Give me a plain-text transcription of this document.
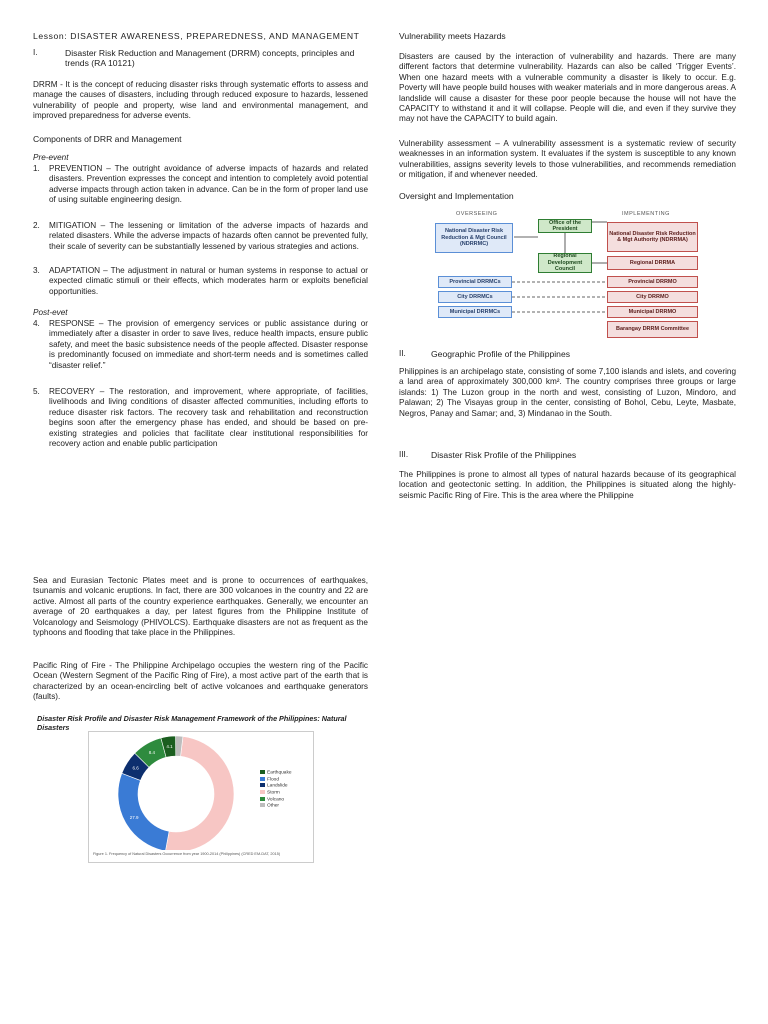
Lesson: DISASTER AWARENESS, PREPAREDNESS, AND MANAGEMENT
I.	Disaster Risk Reduction and Management (DRRM) concepts, principles and trends (RA 10121)

DRRM - It is the concept of reducing disaster risks through systematic efforts to assess and manage the causes of disasters, including through reduced exposure to hazards, lessened vulnerability of people and property, wise land and environmental management, and improved preparedness for adverse events.

Components of DRR and Management
Pre-event
1.	PREVENTION – The outright avoidance of adverse impacts of hazards and related disasters. Prevention expresses the concept and intention to completely avoid potential adverse impacts through action taken in advance. Can be in the form of proper land use of using suitable engineering design.

2.	MITIGATION – The lessening or limitation of the adverse impacts of hazards and related disasters. While the adverse impacts of hazards often cannot be prevented fully, their scale of severity can be substantially lessened by various strategies and actions.

3.	ADAPTATION – The adjustment in natural or human systems in response to actual or expected climatic stimuli or their effects, which moderates harm or exploits beneficial opportunities.

Post-evet
4.	RESPONSE – The provision of emergency services or public assistance during or immediately after a disaster in order to save lives, reduce health impacts, ensure public safety, and meet the basic subsistence needs of the people affected. Disaster response is predominantly focused on immediate and short-term needs and is sometimes called “disaster relief.”

5.	RECOVERY – The restoration, and improvement, where appropriate, of facilities, livelihoods and living conditions of disaster affected communities, including efforts to reduce disaster risk factors. The recovery task and rehabilitation and reconstruction begins soon after the emergency phase has ended, and should be based on pre-existing strategies and policies that facilitate clear institutional responsibilities for recovery action and enable public participation

Sea and Eurasian Tectonic Plates meet and is prone to occurrences of earthquakes, tsunamis and volcanic eruptions. In fact, there are 300 volcanoes in the country and 22 are active. Almost all parts of the country experience earthquakes. Generally, we encounter an average of 20 earthquakes a day, per latest figures from the Philippine Institute of Volcanology and Seismology (PHIVOLCS). Earthquake disasters are not as frequent as the typhoons and flooding that take place in the Philippines.

Pacific Ring of Fire - The Philippine Archipelago occupies the western ring of the Pacific Ocean (Western Segment of the Pacific Ring of Fire), a most active part of the earth that is characterized by an ocean-encircling belt of active volcanoes and earthquake generators (faults).

Disaster Risk Profile and Disaster Risk Management Framework of the Philippines: Natural Disasters
27.9
6.6
8.4
4.1
Earthquake
Flood
Landslide
Storm
Volcano
Other
Figure 1. Frequency of Natural Disasters Occurrence from year 1900-2014 (Philippines) (CRED EM-DAT, 2015)
Vulnerability meets Hazards

Disasters are caused by the interaction of vulnerability and hazards. There are many different factors that determine vulnerability. Hazards can also be called ‘Trigger Events’. When one hazard meets with a vulnerable community a disaster is likely to occur. E.g. Poverty will have people build houses with weaker materials and in more dangerous areas. A landslide will cause a disaster for these poor people because the house will not have the CAPACITY to withstand it and it will collapse. People will die, and even if they survive they may not have the CAPACITY to build again.

Vulnerability assessment – A vulnerability assessment is a systematic review of security weaknesses in an information system. It evaluates if the system is susceptible to any known vulnerabilities, assigns severity levels to those vulnerabilities, and recommends remediation or mitigation, if and whenever needed.

Oversight and Implementation
OVERSEEING	IMPLEMENTING
National Disaster Risk Reduction & Mgt Council (NDRRMC)
Office of the President
National Disaster Risk Reduction & Mgt Authority (NDRRMA)
Regional Development Council
Regional DRRMA
Provincial DRRMCs
City DRRMCs
Municipal DRRMCs
Provincial DRRMO
City DRRMO
Municipal DRRMO
Barangay DRRM Committee
II.	Geographic Profile of the Philippines

Philippines is an archipelago state, consisting of some 7,100 islands and islets, and covering a land area of approximately 300,000 km². The country comprises three groups or large islands: 1) The Luzon group in the north and west, consisting of Luzon, Mindoro, and Palawan; 2) The Visayas group in the center, consisting of Bohol, Cebu, Leyte, Masbate, Negros, Panay and Samar; and, 3) Mindanao in the South.

III.	Disaster Risk Profile of the Philippines

The Philippines is prone to almost all types of natural hazards because of its geographical location and geotectonic setting. In addition, the Philippines is situated along the highly-seismic Pacific Ring of Fire. This is the area where the Philippine
